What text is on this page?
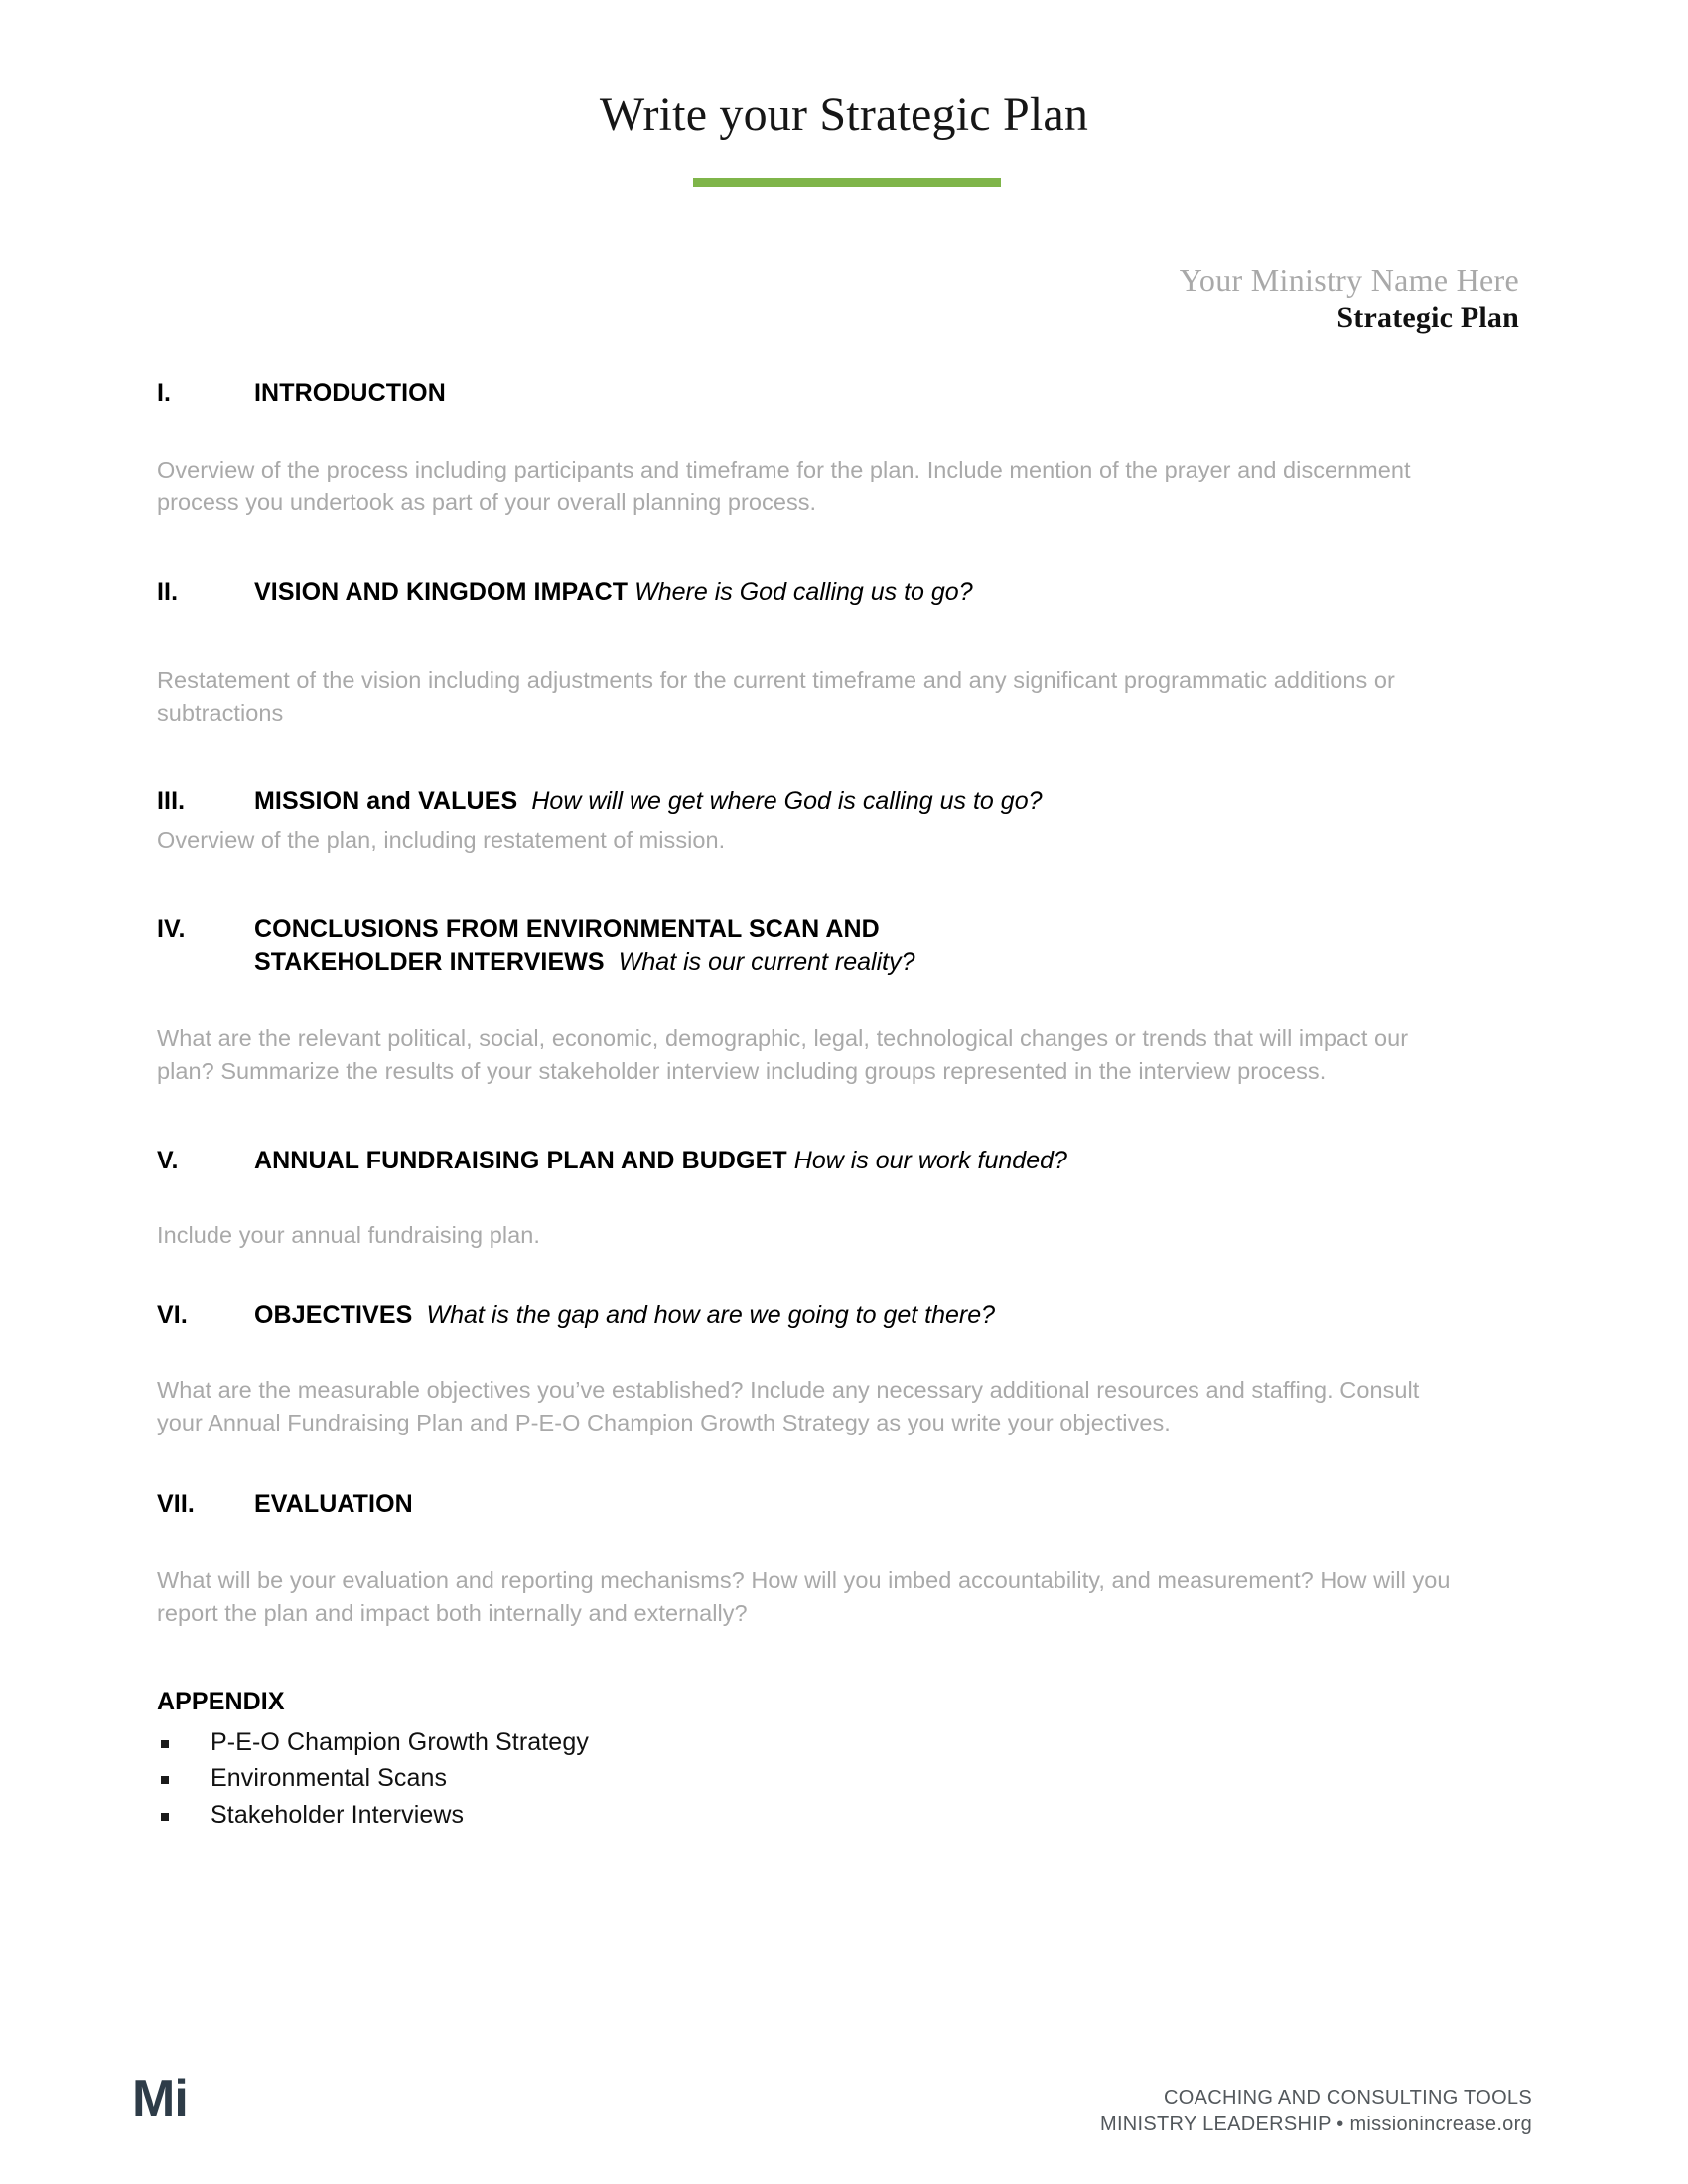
Write your Strategic Plan
Your Ministry Name Here
Strategic Plan
I.	INTRODUCTION
Overview of the process including participants and timeframe for the plan. Include mention of the prayer and discernment process you undertook as part of your overall planning process.
II.	VISION AND KINGDOM IMPACT Where is God calling us to go?
Restatement of the vision including adjustments for the current timeframe and any significant programmatic additions or subtractions
III.	MISSION and VALUES How will we get where God is calling us to go?
Overview of the plan, including restatement of mission.
IV.	CONCLUSIONS FROM ENVIRONMENTAL SCAN AND
STAKEHOLDER INTERVIEWS What is our current reality?
What are the relevant political, social, economic, demographic, legal, technological changes or trends that will impact our plan? Summarize the results of your stakeholder interview including groups represented in the interview process.
V.	ANNUAL FUNDRAISING PLAN AND BUDGET How is our work funded?
Include your annual fundraising plan.
VI.	OBJECTIVES What is the gap and how are we going to get there?
What are the measurable objectives you’ve established? Include any necessary additional resources and staffing. Consult your Annual Fundraising Plan and P-E-O Champion Growth Strategy as you write your objectives.
VII. EVALUATION
What will be your evaluation and reporting mechanisms? How will you imbed accountability, and measurement? How will you report the plan and impact both internally and externally?
APPENDIX
P-E-O Champion Growth Strategy
Environmental Scans
Stakeholder Interviews
Mi	COACHING AND CONSULTING TOOLS
MINISTRY LEADERSHIP • missionincrease.org
